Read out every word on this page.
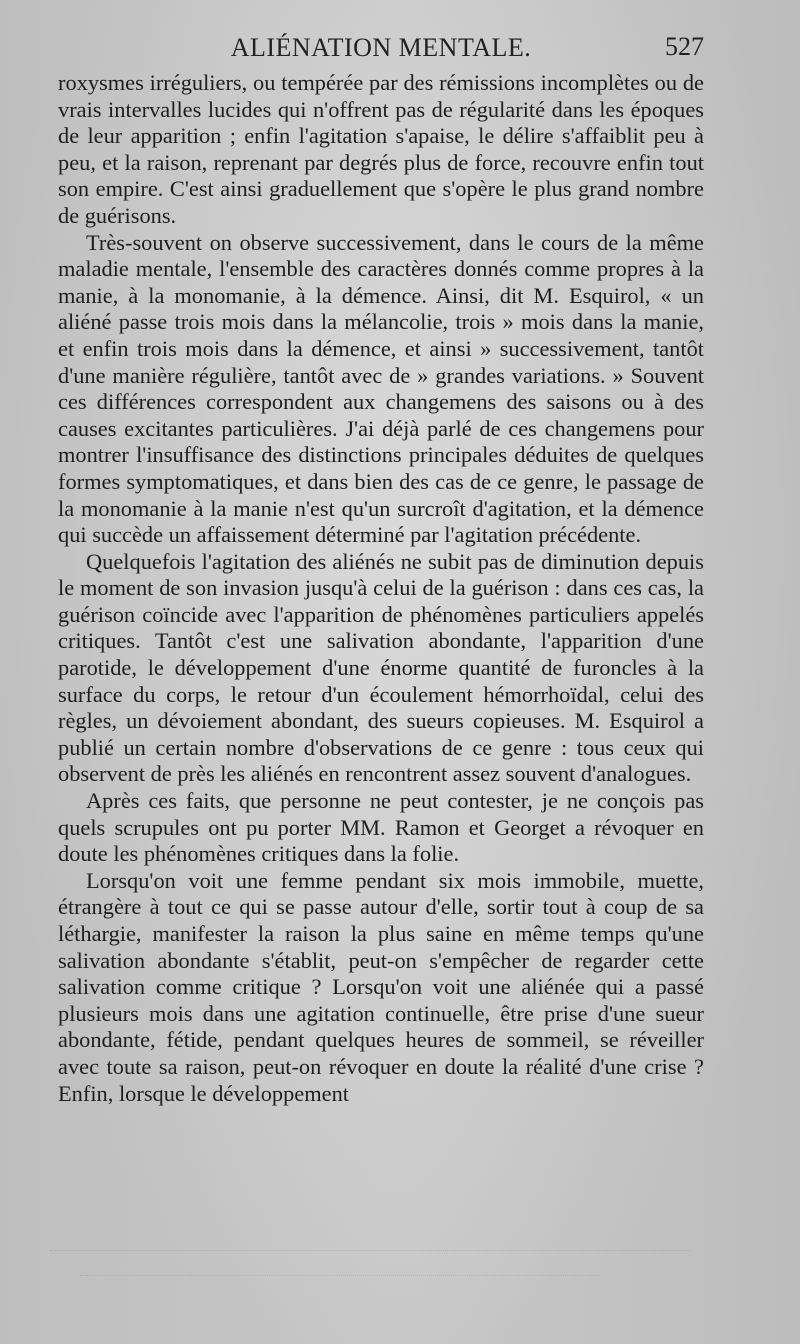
ALIÉNATION MENTALE.	527

roxysmes irréguliers, ou tempérée par des rémissions incomplètes ou de vrais intervalles lucides qui n'offrent pas de régularité dans les époques de leur apparition ; enfin l'agitation s'apaise, le délire s'affaiblit peu à peu, et la raison, reprenant par degrés plus de force, recouvre enfin tout son empire. C'est ainsi graduellement que s'opère le plus grand nombre de guérisons.

Très-souvent on observe successivement, dans le cours de la même maladie mentale, l'ensemble des caractères donnés comme propres à la manie, à la monomanie, à la démence. Ainsi, dit M. Esquirol, « un aliéné passe trois mois dans la mélancolie, trois » mois dans la manie, et enfin trois mois dans la démence, et ainsi » successivement, tantôt d'une manière régulière, tantôt avec de » grandes variations. » Souvent ces différences correspondent aux changemens des saisons ou à des causes excitantes particulières. J'ai déjà parlé de ces changemens pour montrer l'insuffisance des distinctions principales déduites de quelques formes symptomatiques, et dans bien des cas de ce genre, le passage de la monomanie à la manie n'est qu'un surcroît d'agitation, et la démence qui succède un affaissement déterminé par l'agitation précédente.

Quelquefois l'agitation des aliénés ne subit pas de diminution depuis le moment de son invasion jusqu'à celui de la guérison : dans ces cas, la guérison coïncide avec l'apparition de phénomènes particuliers appelés critiques. Tantôt c'est une salivation abondante, l'apparition d'une parotide, le développement d'une énorme quantité de furoncles à la surface du corps, le retour d'un écoulement hémorrhoïdal, celui des règles, un dévoiement abondant, des sueurs copieuses. M. Esquirol a publié un certain nombre d'observations de ce genre : tous ceux qui observent de près les aliénés en rencontrent assez souvent d'analogues.

Après ces faits, que personne ne peut contester, je ne conçois pas quels scrupules ont pu porter MM. Ramon et Georget a révoquer en doute les phénomènes critiques dans la folie.

Lorsqu'on voit une femme pendant six mois immobile, muette, étrangère à tout ce qui se passe autour d'elle, sortir tout à coup de sa léthargie, manifester la raison la plus saine en même temps qu'une salivation abondante s'établit, peut-on s'empêcher de regarder cette salivation comme critique ? Lorsqu'on voit une aliénée qui a passé plusieurs mois dans une agitation continuelle, être prise d'une sueur abondante, fétide, pendant quelques heures de sommeil, se réveiller avec toute sa raison, peut-on révoquer en doute la réalité d'une crise ? Enfin, lorsque le développement
